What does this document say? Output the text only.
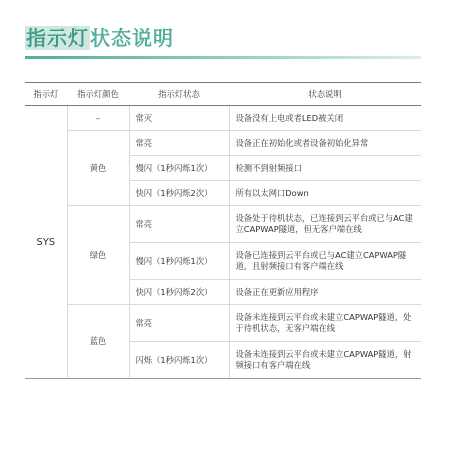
指示灯状态说明
指示灯	指示灯颜色	指示灯状态	状态说明
SYS	–	常灭	设备没有上电或者LED被关闭
	黄色	常亮	设备正在初始化或者设备初始化异常
		慢闪（1秒闪烁1次）	检测不到射频接口
		快闪（1秒闪烁2次）	所有以太网口Down
	绿色	常亮	设备处于待机状态，已连接到云平台或已与AC建立CAPWAP隧道，但无客户端在线
		慢闪（1秒闪烁1次）	设备已连接到云平台或已与AC建立CAPWAP隧道，且射频接口有客户端在线
		快闪（1秒闪烁2次）	设备正在更新应用程序
	蓝色	常亮	设备未连接到云平台或未建立CAPWAP隧道，处于待机状态，无客户端在线
		闪烁（1秒闪烁1次）	设备未连接到云平台或未建立CAPWAP隧道，射频接口有客户端在线
